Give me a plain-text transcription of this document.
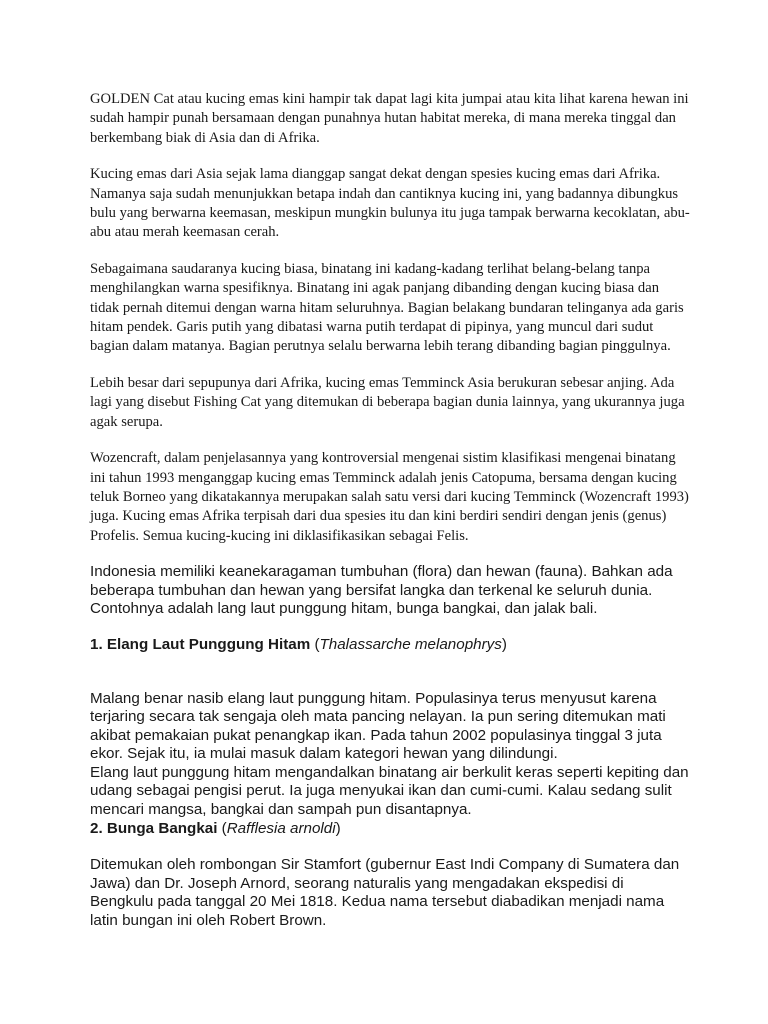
GOLDEN Cat atau kucing emas kini hampir tak dapat lagi kita jumpai atau kita lihat karena hewan ini sudah hampir punah bersamaan dengan punahnya hutan habitat mereka, di mana mereka tinggal dan berkembang biak di Asia dan di Afrika.

Kucing emas dari Asia sejak lama dianggap sangat dekat dengan spesies kucing emas dari Afrika. Namanya saja sudah menunjukkan betapa indah dan cantiknya kucing ini, yang badannya dibungkus bulu yang berwarna keemasan, meskipun mungkin bulunya itu juga tampak berwarna kecoklatan, abu-abu atau merah keemasan cerah.

Sebagaimana saudaranya kucing biasa, binatang ini kadang-kadang terlihat belang-belang tanpa menghilangkan warna spesifiknya. Binatang ini agak panjang dibanding dengan kucing biasa dan tidak pernah ditemui dengan warna hitam seluruhnya. Bagian belakang bundaran telinganya ada garis hitam pendek. Garis putih yang dibatasi warna putih terdapat di pipinya, yang muncul dari sudut bagian dalam matanya. Bagian perutnya selalu berwarna lebih terang dibanding bagian pinggulnya.

Lebih besar dari sepupunya dari Afrika, kucing emas Temminck Asia berukuran sebesar anjing. Ada lagi yang disebut Fishing Cat yang ditemukan di beberapa bagian dunia lainnya, yang ukurannya juga agak serupa.

Wozencraft, dalam penjelasannya yang kontroversial mengenai sistim klasifikasi mengenai binatang ini tahun 1993 menganggap kucing emas Temminck adalah jenis Catopuma, bersama dengan kucing teluk Borneo yang dikatakannya merupakan salah satu versi dari kucing Temminck (Wozencraft 1993) juga. Kucing emas Afrika terpisah dari dua spesies itu dan kini berdiri sendiri dengan jenis (genus) Profelis. Semua kucing-kucing ini diklasifikasikan sebagai Felis.

Indonesia memiliki keanekaragaman tumbuhan (flora) dan hewan (fauna). Bahkan ada beberapa tumbuhan dan hewan yang bersifat langka dan terkenal ke seluruh dunia. Contohnya adalah lang laut punggung hitam, bunga bangkai, dan jalak bali.

1. Elang Laut Punggung Hitam (Thalassarche melanophrys)

Malang benar nasib elang laut punggung hitam. Populasinya terus menyusut karena terjaring secara tak sengaja oleh mata pancing nelayan. Ia pun sering ditemukan mati akibat pemakaian pukat penangkap ikan. Pada tahun 2002 populasinya tinggal 3 juta ekor. Sejak itu, ia mulai masuk dalam kategori hewan yang dilindungi.

Elang laut punggung hitam mengandalkan binatang air berkulit keras seperti kepiting dan udang sebagai pengisi perut. Ia juga menyukai ikan dan cumi-cumi. Kalau sedang sulit mencari mangsa, bangkai dan sampah pun disantapnya.

2. Bunga Bangkai (Rafflesia arnoldi)

Ditemukan oleh rombongan Sir Stamfort (gubernur East Indi Company di Sumatera dan Jawa) dan Dr. Joseph Arnord, seorang naturalis yang mengadakan ekspedisi di Bengkulu pada tanggal 20 Mei 1818. Kedua nama tersebut diabadikan menjadi nama latin bungan ini oleh Robert Brown.
